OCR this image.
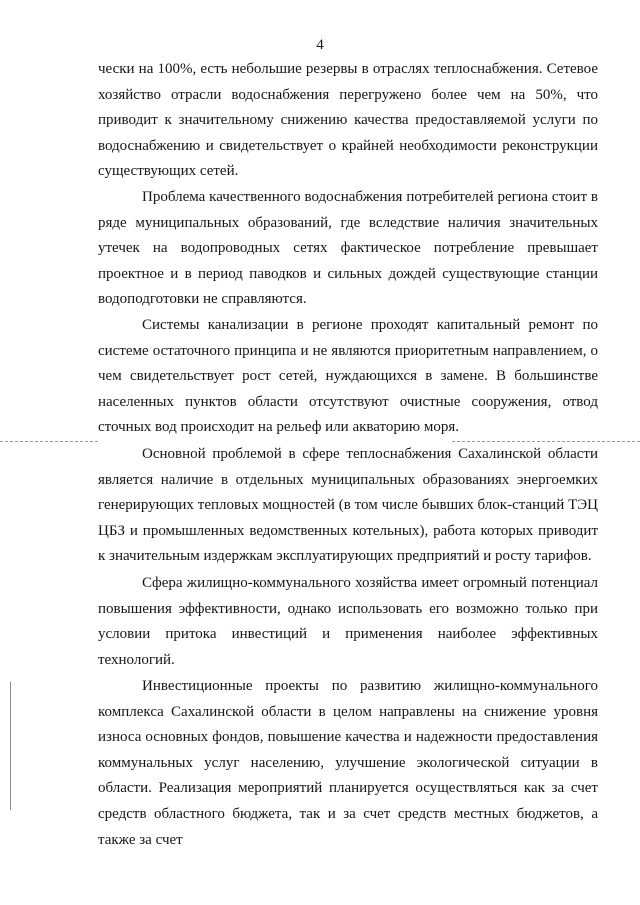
4

чески на 100%, есть небольшие резервы в отраслях теплоснабжения. Сетевое хозяйство отрасли водоснабжения перегружено более чем на 50%, что приводит к значительному снижению качества предоставляемой услуги по водоснабжению и свидетельствует о крайней необходимости реконструкции существующих сетей.

Проблема качественного водоснабжения потребителей региона стоит в ряде муниципальных образований, где вследствие наличия значительных утечек на водопроводных сетях фактическое потребление превышает проектное и в период паводков и сильных дождей существующие станции водоподготовки не справляются.

Системы канализации в регионе проходят капитальный ремонт по системе остаточного принципа и не являются приоритетным направлением, о чем свидетельствует рост сетей, нуждающихся в замене. В большинстве населенных пунктов области отсутствуют очистные сооружения, отвод сточных вод происходит на рельеф или акваторию моря.

Основной проблемой в сфере теплоснабжения Сахалинской области является наличие в отдельных муниципальных образованиях энергоемких генерирующих тепловых мощностей (в том числе бывших блок-станций ТЭЦ ЦБЗ и промышленных ведомственных котельных), работа которых приводит к значительным издержкам эксплуатирующих предприятий и росту тарифов.

Сфера жилищно-коммунального хозяйства имеет огромный потенциал повышения эффективности, однако использовать его возможно только при условии притока инвестиций и применения наиболее эффективных технологий.

Инвестиционные проекты по развитию жилищно-коммунального комплекса Сахалинской области в целом направлены на снижение уровня износа основных фондов, повышение качества и надежности предоставления коммунальных услуг населению, улучшение экологической ситуации в области. Реализация мероприятий планируется осуществляться как за счет средств областного бюджета, так и за счет средств местных бюджетов, а также за счет
